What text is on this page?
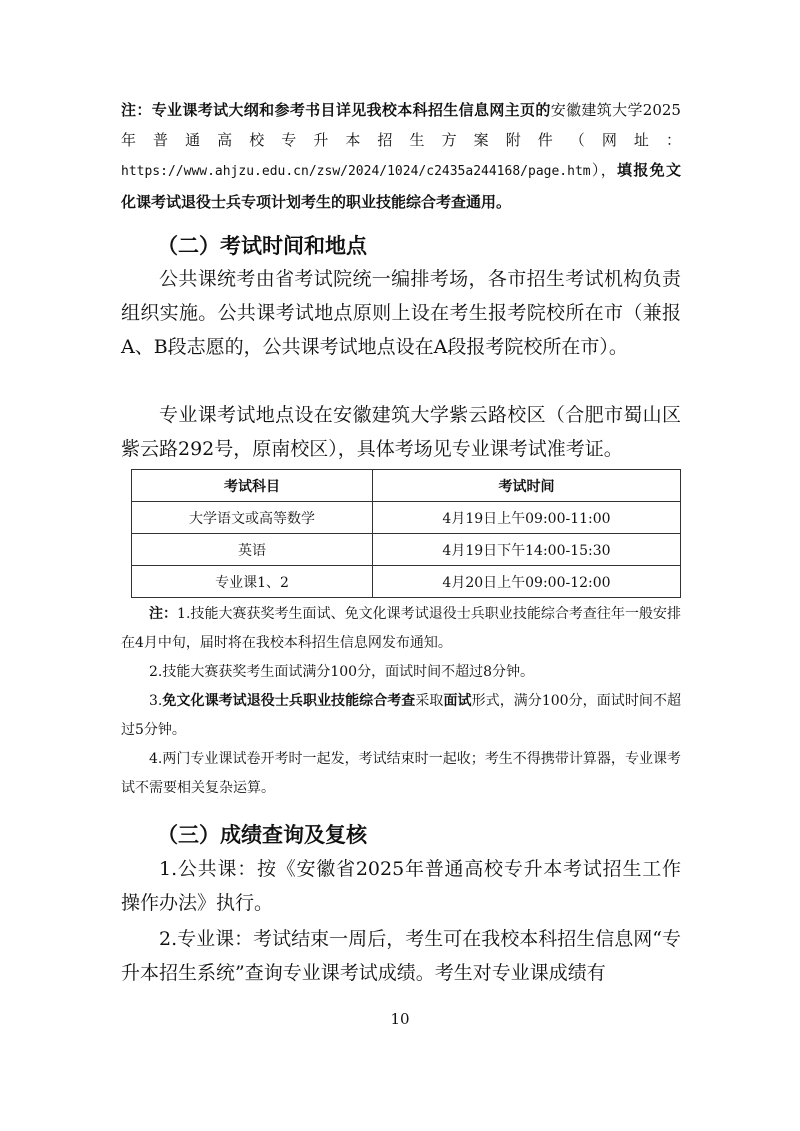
注：专业课考试大纲和参考书目详见我校本科招生信息网主页的安徽建筑大学2025年普通高校专升本招生方案附件（网址：https://www.ahjzu.edu.cn/zsw/2024/1024/c2435a244168/page.htm），填报免文化课考试退役士兵专项计划考生的职业技能综合考查通用。
（二）考试时间和地点
公共课统考由省考试院统一编排考场，各市招生考试机构负责组织实施。公共课考试地点原则上设在考生报考院校所在市（兼报A、B段志愿的，公共课考试地点设在A段报考院校所在市）。
专业课考试地点设在安徽建筑大学紫云路校区（合肥市蜀山区紫云路292号，原南校区），具体考场见专业课考试准考证。
考试科目	考试时间
大学语文或高等数学	4月19日上午09:00-11:00
英语	4月19日下午14:00-15:30
专业课1、2	4月20日上午09:00-12:00
注：1.技能大赛获奖考生面试、免文化课考试退役士兵职业技能综合考查往年一般安排在4月中旬，届时将在我校本科招生信息网发布通知。
2.技能大赛获奖考生面试满分100分，面试时间不超过8分钟。
3.免文化课考试退役士兵职业技能综合考查采取面试形式，满分100分，面试时间不超过5分钟。
4.两门专业课试卷开考时一起发，考试结束时一起收；考生不得携带计算器，专业课考试不需要相关复杂运算。
（三）成绩查询及复核
1.公共课：按《安徽省2025年普通高校专升本考试招生工作操作办法》执行。
2.专业课：考试结束一周后，考生可在我校本科招生信息网“专升本招生系统”查询专业课考试成绩。考生对专业课成绩有
10
